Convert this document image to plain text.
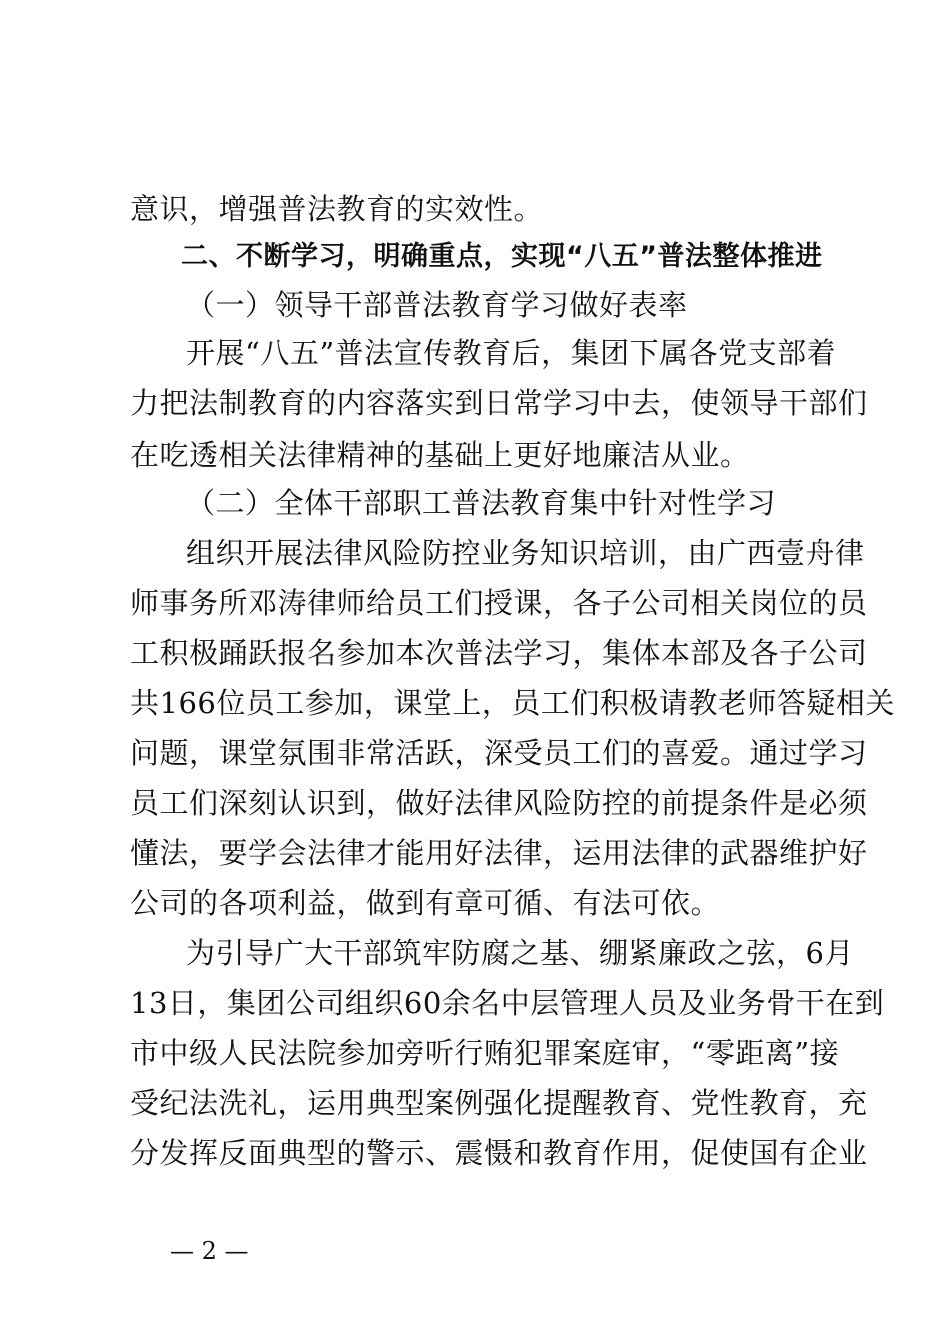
意识，增强普法教育的实效性。
二、不断学习，明确重点，实现“八五”普法整体推进
（一）领导干部普法教育学习做好表率
开展“八五”普法宣传教育后，集团下属各党支部着
力把法制教育的内容落实到日常学习中去，使领导干部们
在吃透相关法律精神的基础上更好地廉洁从业。
（二）全体干部职工普法教育集中针对性学习
组织开展法律风险防控业务知识培训，由广西壹舟律
师事务所邓涛律师给员工们授课，各子公司相关岗位的员
工积极踊跃报名参加本次普法学习，集体本部及各子公司
共166位员工参加，课堂上，员工们积极请教老师答疑相关
问题，课堂氛围非常活跃，深受员工们的喜爱。通过学习
员工们深刻认识到，做好法律风险防控的前提条件是必须
懂法，要学会法律才能用好法律，运用法律的武器维护好
公司的各项利益，做到有章可循、有法可依。
为引导广大干部筑牢防腐之基、绷紧廉政之弦，6月
13日，集团公司组织60余名中层管理人员及业务骨干在到
市中级人民法院参加旁听行贿犯罪案庭审，“零距离”接
受纪法洗礼，运用典型案例强化提醒教育、党性教育，充
分发挥反面典型的警示、震慑和教育作用，促使国有企业
— 2 —
